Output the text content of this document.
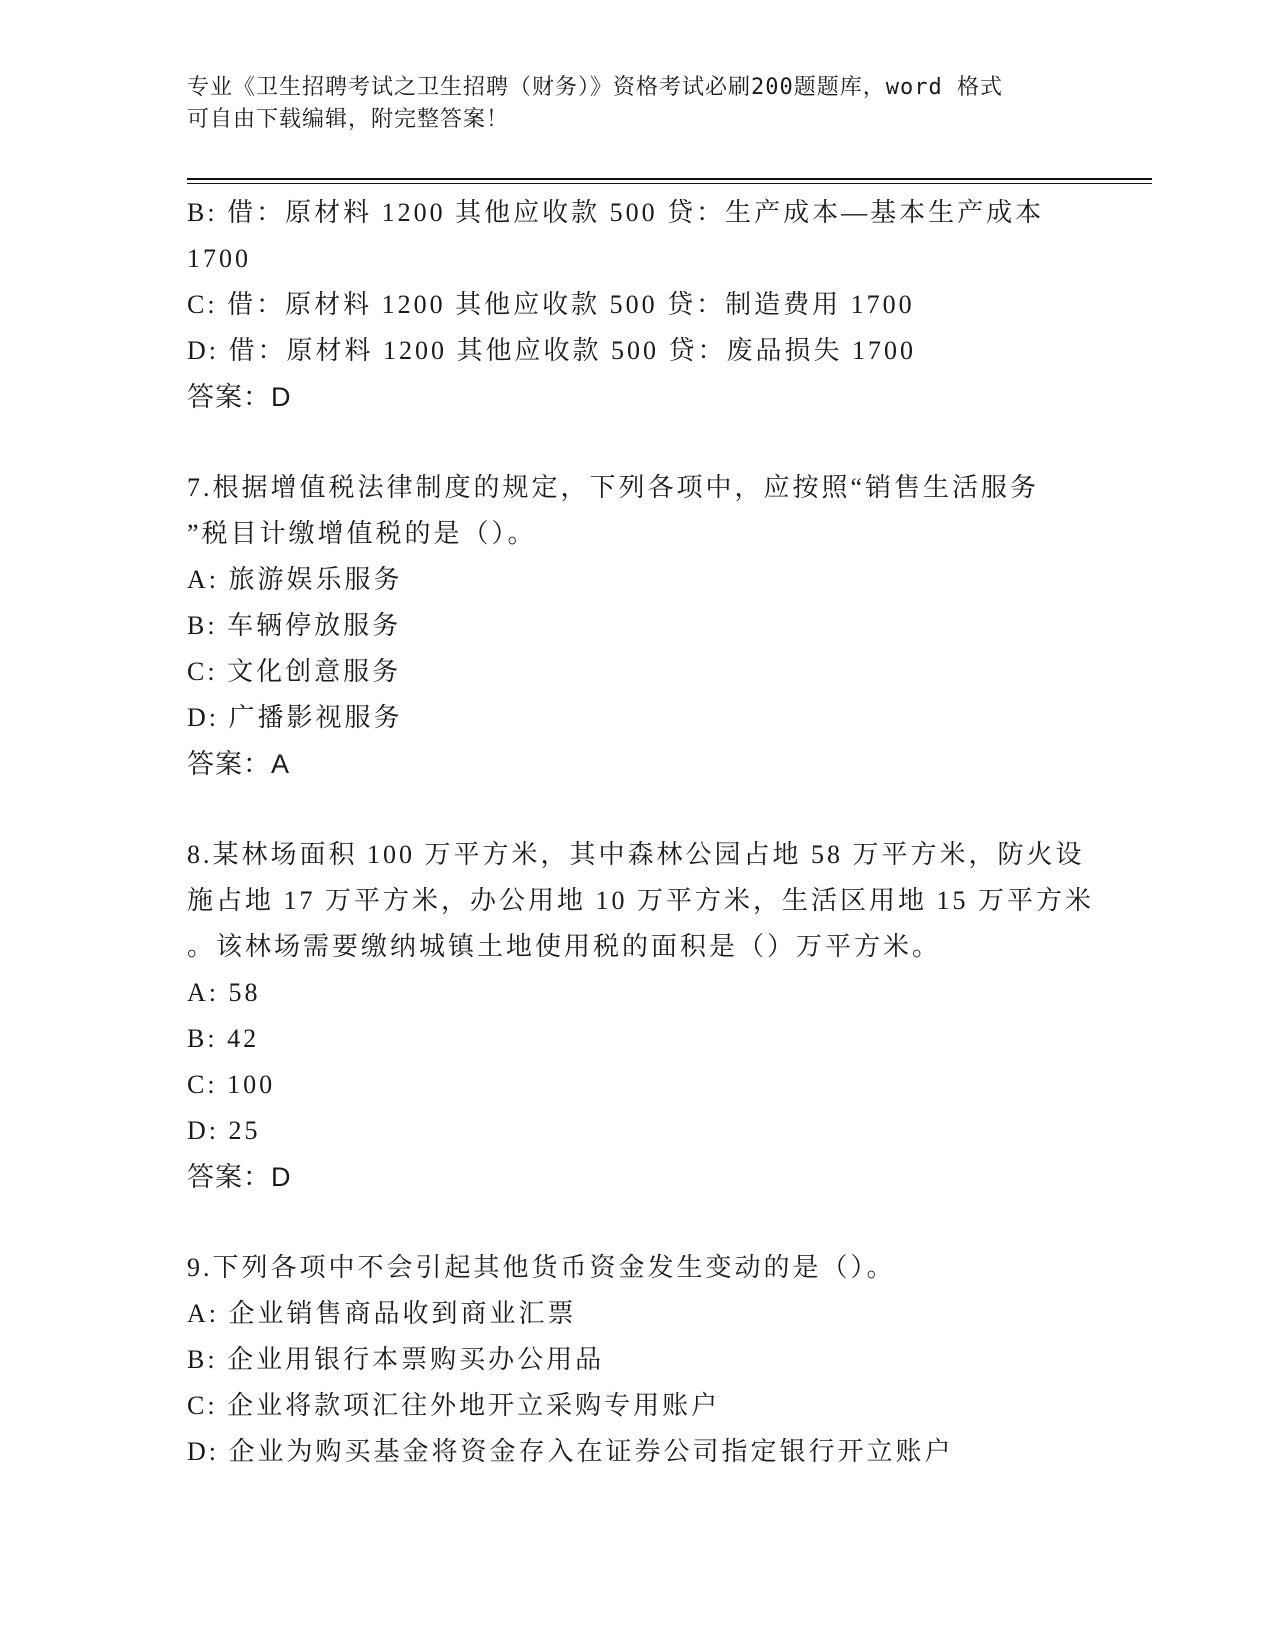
专业《卫生招聘考试之卫生招聘（财务）》资格考试必刷200题题库，word 格式
可自由下载编辑，附完整答案！
B: 借：原材料 1200 其他应收款 500 贷：生产成本—基本生产成本
1700
C: 借：原材料 1200 其他应收款 500 贷：制造费用 1700
D: 借：原材料 1200 其他应收款 500 贷：废品损失 1700
答案：D
7.根据增值税法律制度的规定，下列各项中，应按照“销售生活服务
”税目计缴增值税的是（）。
A: 旅游娱乐服务
B: 车辆停放服务
C: 文化创意服务
D: 广播影视服务
答案：A
8.某林场面积 100 万平方米，其中森林公园占地 58 万平方米，防火设
施占地 17 万平方米，办公用地 10 万平方米，生活区用地 15 万平方米
。该林场需要缴纳城镇土地使用税的面积是（）万平方米。
A: 58
B: 42
C: 100
D: 25
答案：D
9.下列各项中不会引起其他货币资金发生变动的是（）。
A: 企业销售商品收到商业汇票
B: 企业用银行本票购买办公用品
C: 企业将款项汇往外地开立采购专用账户
D: 企业为购买基金将资金存入在证券公司指定银行开立账户
